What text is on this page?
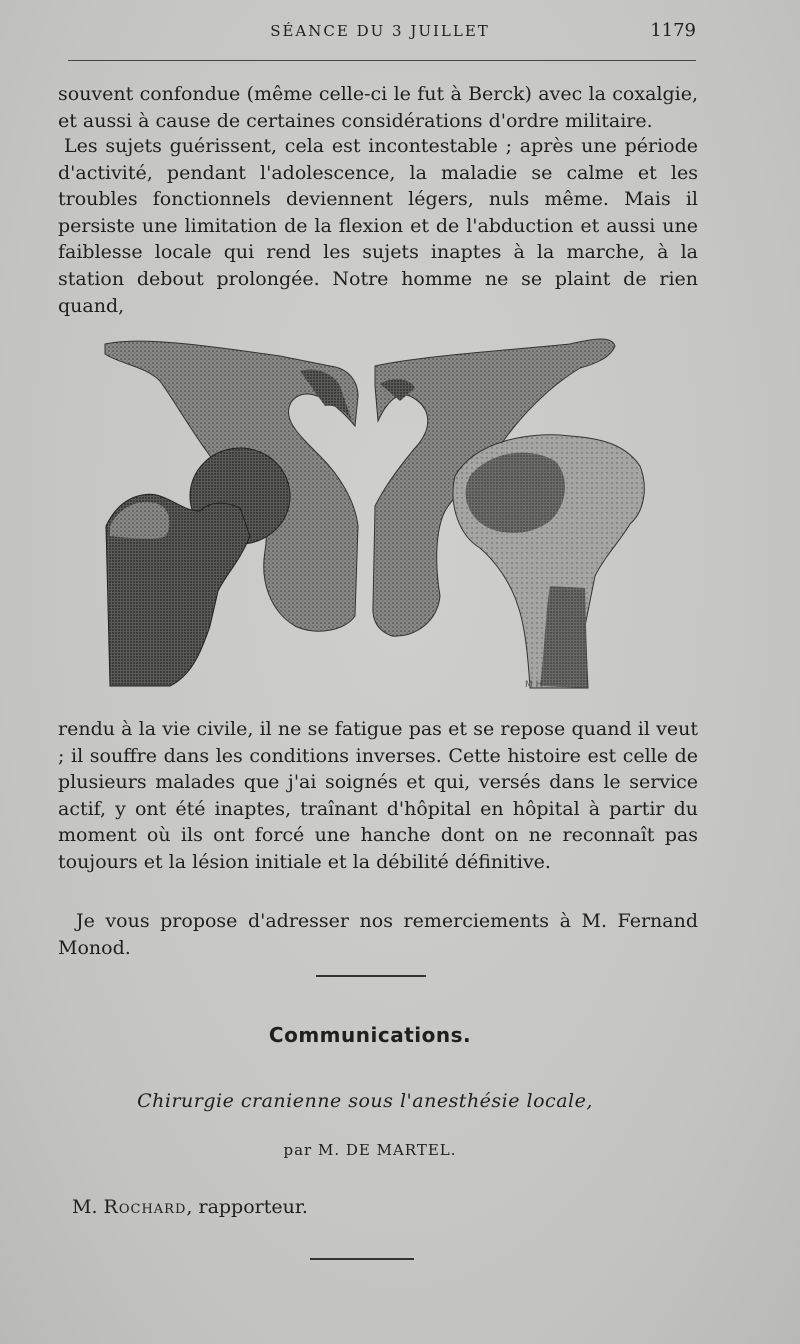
SÉANCE DU 3 JUILLET	1179

souvent confondue (même celle-ci le fut à Berck) avec la coxalgie, et aussi à cause de certaines considérations d'ordre militaire.

Les sujets guérissent, cela est incontestable ; après une période d'activité, pendant l'adolescence, la maladie se calme et les troubles fonctionnels deviennent légers, nuls même. Mais il persiste une limitation de la flexion et de l'abduction et aussi une faiblesse locale qui rend les sujets inaptes à la marche, à la station debout prolongée. Notre homme ne se plaint de rien quand,

M H

rendu à la vie civile, il ne se fatigue pas et se repose quand il veut ; il souffre dans les conditions inverses. Cette histoire est celle de plusieurs malades que j'ai soignés et qui, versés dans le service actif, y ont été inaptes, traînant d'hôpital en hôpital à partir du moment où ils ont forcé une hanche dont on ne reconnaît pas toujours et la lésion initiale et la débilité définitive.

Je vous propose d'adresser nos remerciements à M. Fernand Monod.

Communications.
Chirurgie cranienne sous l'anesthésie locale,
par M. DE MARTEL.
M. Rochard, rapporteur.
